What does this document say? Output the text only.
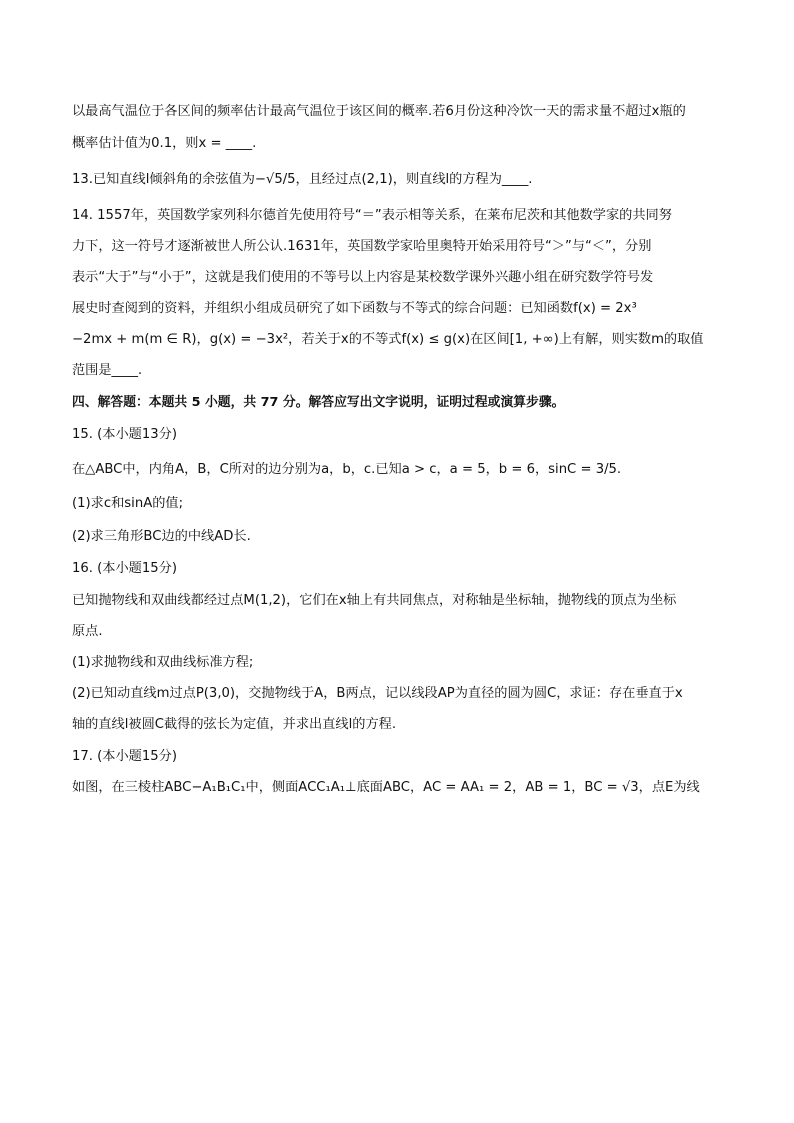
以最高气温位于各区间的频率估计最高气温位于该区间的概率.若6月份这种冷饮一天的需求量不超过x瓶的
概率估计值为0.1，则x = ____.
13.已知直线l倾斜角的余弦值为−√5/5，且经过点(2,1)，则直线l的方程为____.
14. 1557年，英国数学家列科尔德首先使用符号“＝”表示相等关系，在莱布尼茨和其他数学家的共同努
力下，这一符号才逐渐被世人所公认.1631年，英国数学家哈里奥特开始采用符号“＞”与“＜”，分别
表示“大于”与“小于”，这就是我们使用的不等号以上内容是某校数学课外兴趣小组在研究数学符号发
展史时查阅到的资料，并组织小组成员研究了如下函数与不等式的综合问题：已知函数f(x) = 2x³
−2mx + m(m ∈ R)，g(x) = −3x²，若关于x的不等式f(x) ≤ g(x)在区间[1, +∞)上有解，则实数m的取值
范围是____.
四、解答题：本题共 5 小题，共 77 分。解答应写出文字说明，证明过程或演算步骤。
15. (本小题13分)
在△ABC中，内角A，B，C所对的边分别为a，b，c.已知a > c，a = 5，b = 6，sinC = 3/5.
(1)求c和sinA的值;
(2)求三角形BC边的中线AD长.
16. (本小题15分)
已知抛物线和双曲线都经过点M(1,2)，它们在x轴上有共同焦点，对称轴是坐标轴，抛物线的顶点为坐标
原点.
(1)求抛物线和双曲线标准方程;
(2)已知动直线m过点P(3,0)，交抛物线于A，B两点，记以线段AP为直径的圆为圆C，求证：存在垂直于x
轴的直线l被圆C截得的弦长为定值，并求出直线l的方程.
17. (本小题15分)
如图，在三棱柱ABC−A₁B₁C₁中，侧面ACC₁A₁⊥底面ABC，AC = AA₁ = 2，AB = 1，BC = √3，点E为线
